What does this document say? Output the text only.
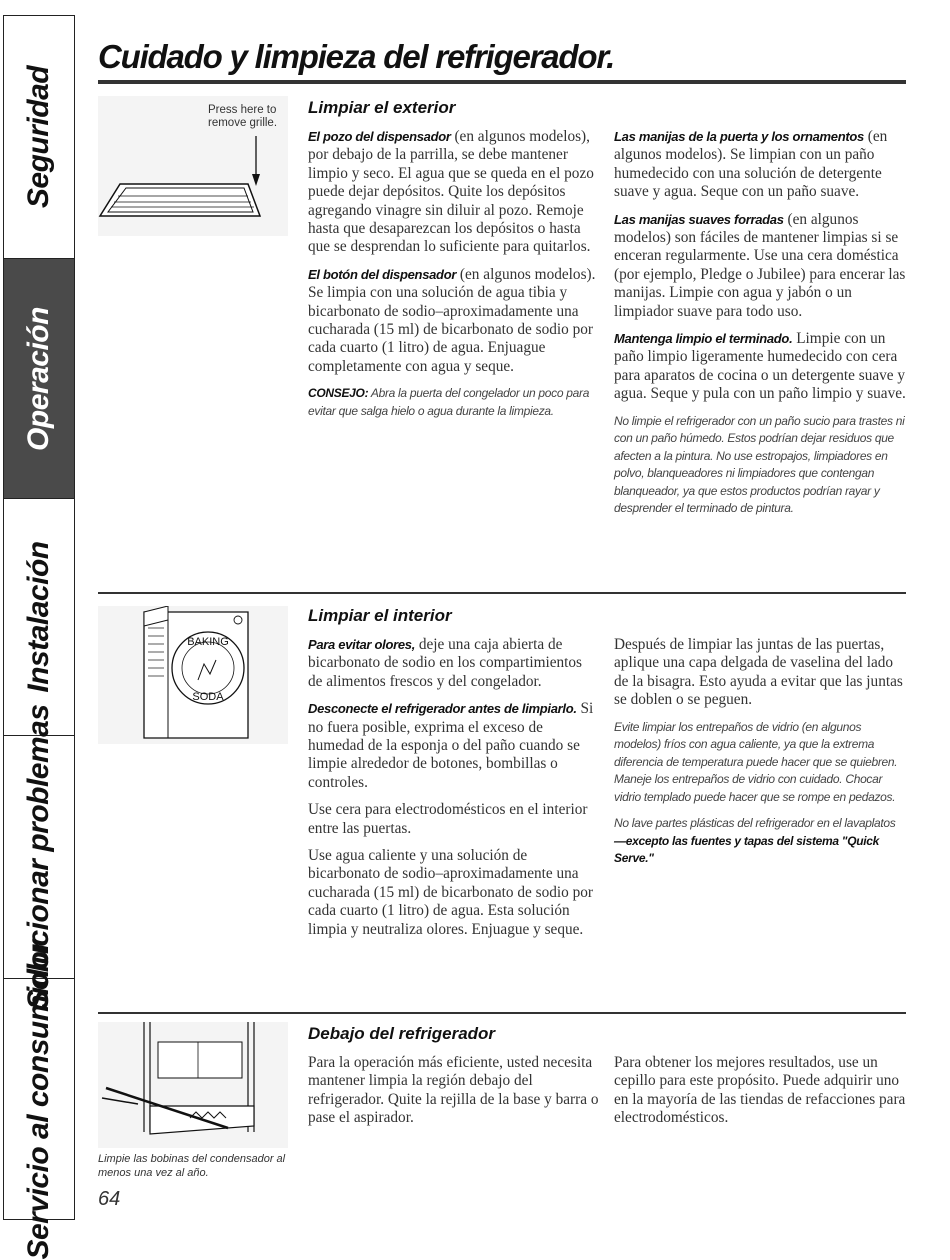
Seguridad
Operación
Instalación
Solucionar problemas
Servicio al consumidor
Cuidado y limpieza del refrigerador.
Press here to
remove grille.
Limpiar el exterior

El pozo del dispensador (en algunos modelos), por debajo de la parrilla, se debe mantener limpio y seco. El agua que se queda en el pozo puede dejar depósitos. Quite los depósitos agregando vinagre sin diluir al pozo. Remoje hasta que desaparezcan los depósitos o hasta que se desprendan lo suficiente para quitarlos.

El botón del dispensador (en algunos modelos). Se limpia con una solución de agua tibia y bicarbonato de sodio–aproximadamente una cucharada (15 ml) de bicarbonato de sodio por cada cuarto (1 litro) de agua. Enjuague completamente con agua y seque.

CONSEJO: Abra la puerta del congelador un poco para evitar que salga hielo o agua durante la limpieza.

Las manijas de la puerta y los ornamentos (en algunos modelos). Se limpian con un paño humedecido con una solución de detergente suave y agua. Seque con un paño suave.

Las manijas suaves forradas (en algunos modelos) son fáciles de mantener limpias si se enceran regularmente. Use una cera doméstica (por ejemplo, Pledge o Jubilee) para encerar las manijas. Limpie con agua y jabón o un limpiador suave para todo uso.

Mantenga limpio el terminado. Limpie con un paño limpio ligeramente humedecido con cera para aparatos de cocina o un detergente suave y agua. Seque y pula con un paño limpio y suave.

No limpie el refrigerador con un paño sucio para trastes ni con un paño húmedo. Estos podrían dejar residuos que afecten a la pintura. No use estropajos, limpiadores en polvo, blanqueadores ni limpiadores que contengan blanqueador, ya que estos productos podrían rayar y desprender el terminado de pintura.

BAKING
SODA
Limpiar el interior

Para evitar olores, deje una caja abierta de bicarbonato de sodio en los compartimientos de alimentos frescos y del congelador.

Desconecte el refrigerador antes de limpiarlo. Si no fuera posible, exprima el exceso de humedad de la esponja o del paño cuando se limpie alrededor de botones, bombillas o controles.

Use cera para electrodomésticos en el interior entre las puertas.

Use agua caliente y una solución de bicarbonato de sodio–aproximadamente una cucharada (15 ml) de bicarbonato de sodio por cada cuarto (1 litro) de agua. Esta solución limpia y neutraliza olores. Enjuague y seque.

Después de limpiar las juntas de las puertas, aplique una capa delgada de vaselina del lado de la bisagra. Esto ayuda a evitar que las juntas se doblen o se peguen.

Evite limpiar los entrepaños de vidrio (en algunos modelos) fríos con agua caliente, ya que la extrema diferencia de temperatura puede hacer que se quiebren. Maneje los entrepaños de vidrio con cuidado. Chocar vidrio templado puede hacer que se rompe en pedazos.

No lave partes plásticas del refrigerador en el lavaplatos—excepto las fuentes y tapas del sistema "Quick Serve."

Limpie las bobinas del condensador al menos una vez al año.
Debajo del refrigerador

Para la operación más eficiente, usted necesita mantener limpia la región debajo del refrigerador. Quite la rejilla de la base y barra o pase el aspirador.

Para obtener los mejores resultados, use un cepillo para este propósito. Puede adquirir uno en la mayoría de las tiendas de refacciones para electrodomésticos.

64
